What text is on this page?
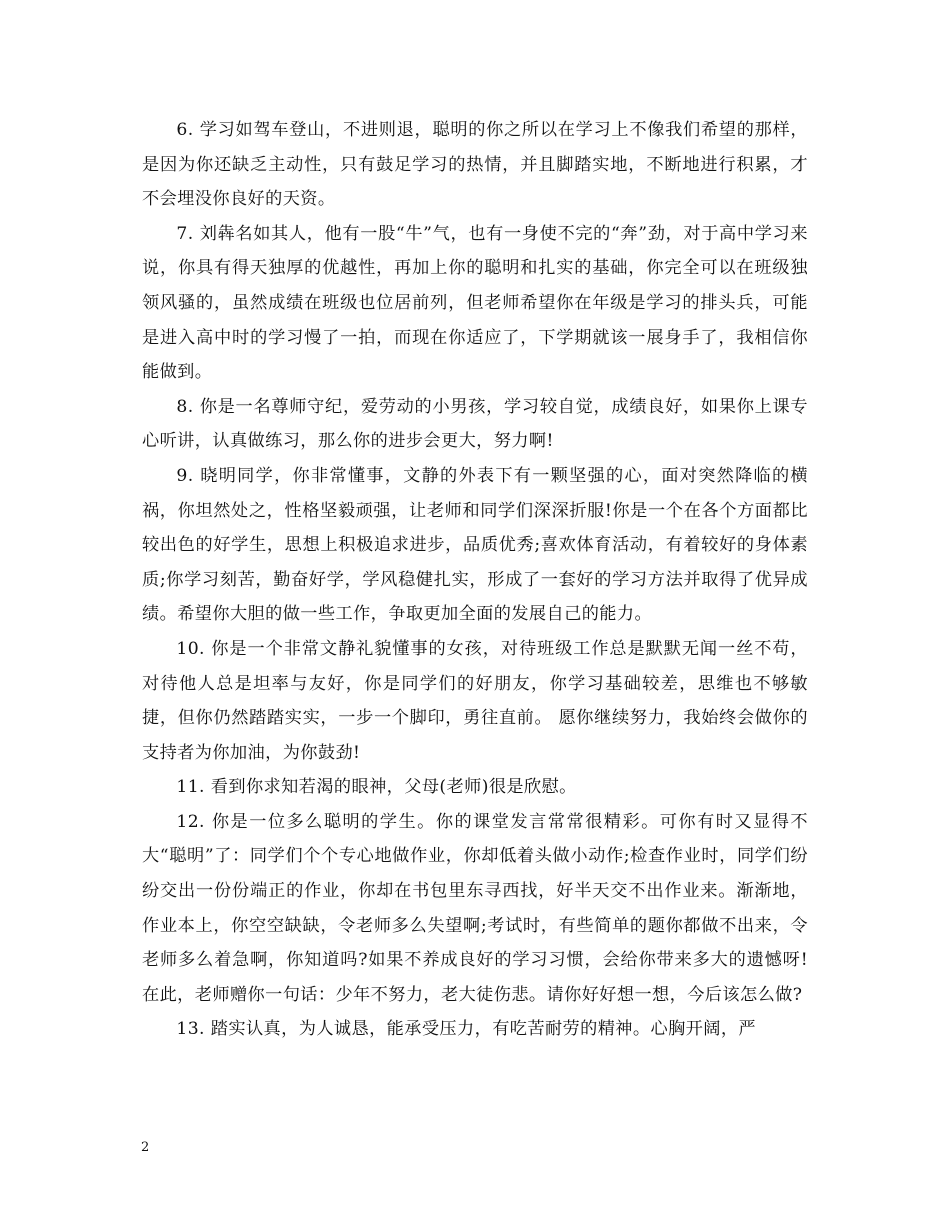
6. 学习如驾车登山，不进则退，聪明的你之所以在学习上不像我们希望的那样，是因为你还缺乏主动性，只有鼓足学习的热情，并且脚踏实地，不断地进行积累，才不会埋没你良好的天资。

7. 刘犇名如其人，他有一股“牛”气，也有一身使不完的“奔”劲，对于高中学习来说，你具有得天独厚的优越性，再加上你的聪明和扎实的基础，你完全可以在班级独领风骚的，虽然成绩在班级也位居前列，但老师希望你在年级是学习的排头兵，可能是进入高中时的学习慢了一拍，而现在你适应了，下学期就该一展身手了，我相信你能做到。

8. 你是一名尊师守纪，爱劳动的小男孩，学习较自觉，成绩良好，如果你上课专心听讲，认真做练习，那么你的进步会更大，努力啊!

9. 晓明同学，你非常懂事，文静的外表下有一颗坚强的心，面对突然降临的横祸，你坦然处之，性格坚毅顽强，让老师和同学们深深折服!你是一个在各个方面都比较出色的好学生，思想上积极追求进步，品质优秀;喜欢体育活动，有着较好的身体素质;你学习刻苦，勤奋好学，学风稳健扎实，形成了一套好的学习方法并取得了优异成绩。希望你大胆的做一些工作，争取更加全面的发展自己的能力。

10. 你是一个非常文静礼貌懂事的女孩，对待班级工作总是默默无闻一丝不苟，对待他人总是坦率与友好，你是同学们的好朋友，你学习基础较差，思维也不够敏捷，但你仍然踏踏实实，一步一个脚印，勇往直前。 愿你继续努力，我始终会做你的支持者为你加油，为你鼓劲!

11. 看到你求知若渴的眼神，父母(老师)很是欣慰。

12. 你是一位多么聪明的学生。你的课堂发言常常很精彩。可你有时又显得不大“聪明”了：同学们个个专心地做作业，你却低着头做小动作;检查作业时，同学们纷纷交出一份份端正的作业，你却在书包里东寻西找，好半天交不出作业来。渐渐地，作业本上，你空空缺缺，令老师多么失望啊;考试时，有些简单的题你都做不出来，令老师多么着急啊，你知道吗?如果不养成良好的学习习惯，会给你带来多大的遗憾呀!在此，老师赠你一句话：少年不努力，老大徒伤悲。请你好好想一想，今后该怎么做?

13. 踏实认真，为人诚恳，能承受压力，有吃苦耐劳的精神。心胸开阔，严

2
